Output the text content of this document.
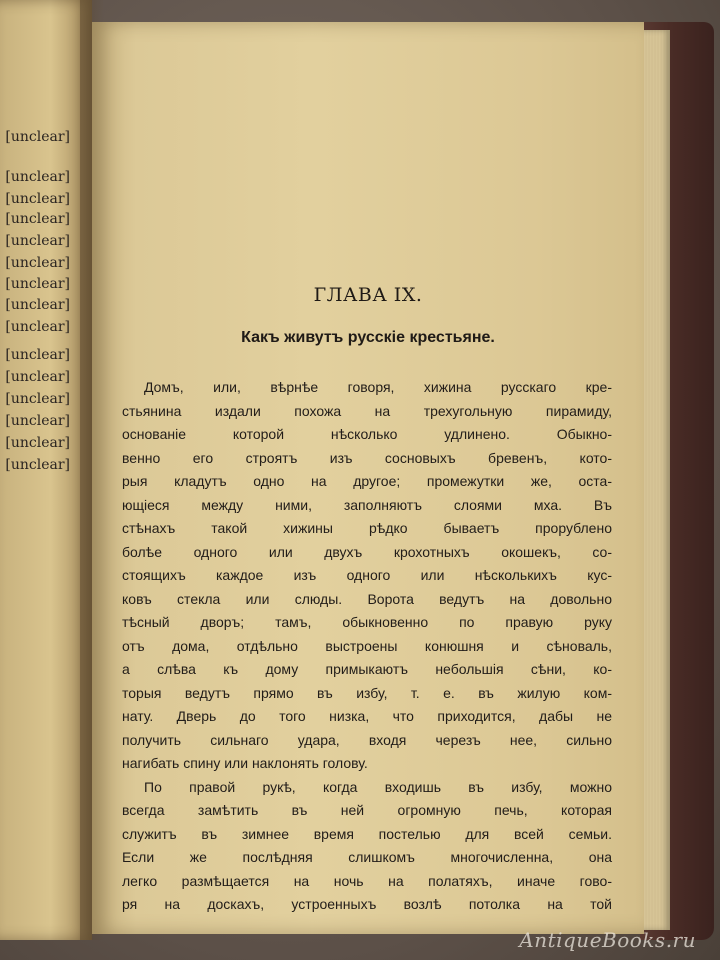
[unclear]
[unclear]
[unclear]
[unclear]
[unclear]
[unclear]
[unclear]
[unclear]
[unclear]
[unclear]
[unclear]
[unclear]
[unclear]
[unclear]
[unclear]
ГЛАВА IX.
Какъ живутъ русскіе крестьяне.
Домъ, или, вѣрнѣе говоря, хижина русскаго кре-
стьянина издали похожа на трехугольную пирамиду,
основаніе которой нѣсколько удлинено. Обыкно-
венно его строятъ изъ сосновыхъ бревенъ, кото-
рыя кладутъ одно на другое; промежутки же, оста-
ющіеся между ними, заполняютъ слоями мха. Въ
стѣнахъ такой хижины рѣдко бываетъ прорублено
болѣе одного или двухъ крохотныхъ окошекъ, со-
стоящихъ каждое изъ одного или нѣсколькихъ кус-
ковъ стекла или слюды. Ворота ведутъ на довольно
тѣсный дворъ; тамъ, обыкновенно по правую руку
отъ дома, отдѣльно выстроены конюшня и сѣноваль,
а слѣва къ дому примыкаютъ небольшія сѣни, ко-
торыя ведутъ прямо въ избу, т. е. въ жилую ком-
нату. Дверь до того низка, что приходится, дабы не
получить сильнаго удара, входя черезъ нее, сильно
нагибать спину или наклонять голову.
По правой рукѣ, когда входишь въ избу, можно
всегда замѣтить въ ней огромную печь, которая
служитъ въ зимнее время постелью для всей семьи.
Если же послѣдняя слишкомъ многочисленна, она
легко размѣщается на ночь на полатяхъ, иначе гово-
ря на доскахъ, устроенныхъ возлѣ потолка на той
AntiqueBooks.ru
